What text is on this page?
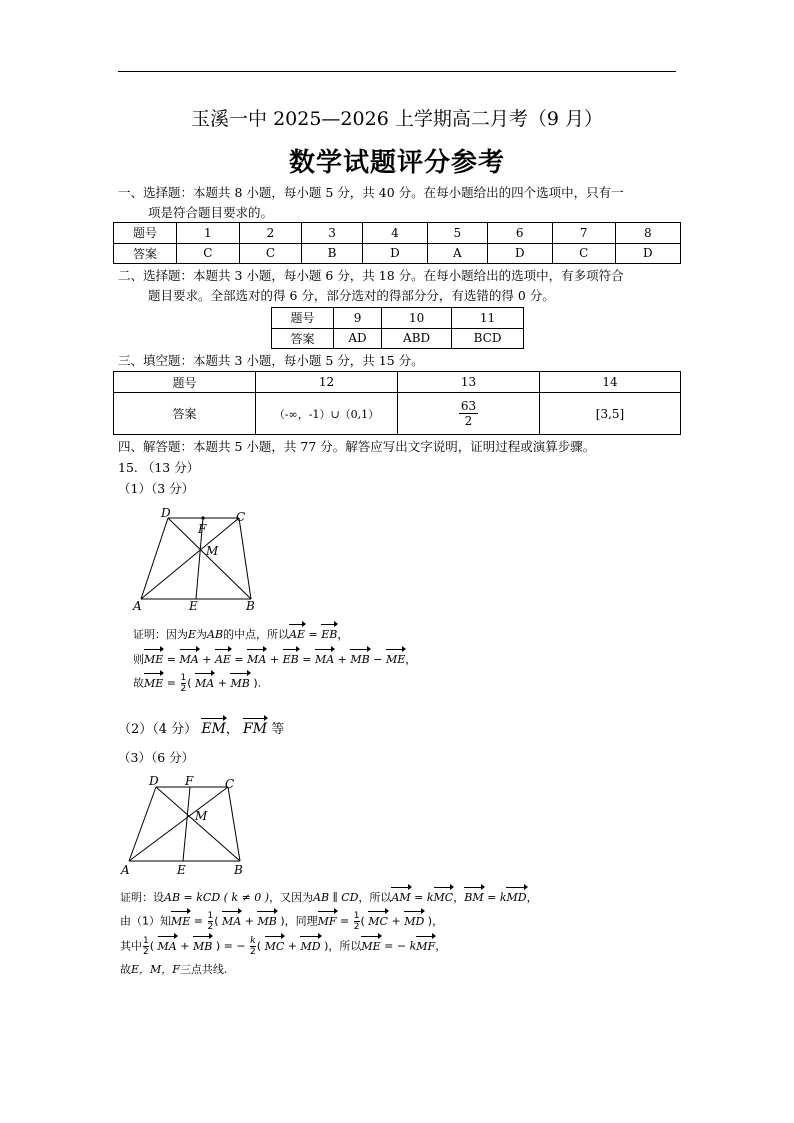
玉溪一中 2025—2026 上学期高二月考（9 月）
数学试题评分参考
一、选择题：本题共 8 小题，每小题 5 分，共 40 分。在每小题给出的四个选项中，只有一
项是符合题目要求的。
题号	1	2	3	4	5	6	7	8
答案	C	C	B	D	A	D	C	D
二、选择题：本题共 3 小题，每小题 6 分，共 18 分。在每小题给出的选项中，有多项符合
题目要求。全部选对的得 6 分，部分选对的得部分分，有选错的得 0 分。
题号	9	10	11
答案	AD	ABD	BCD
三、填空题：本题共 3 小题，每小题 5 分，共 15 分。
题号	12	13	14
答案	（-∞，-1）∪（0,1）	$\frac{63}{2}$	[3,5]
四、解答题：本题共 5 小题，共 77 分。解答应写出文字说明，证明过程或演算步骤。
15. （13 分）
（1）（3 分）
D
F
C
M
A	E	B
证明：因为E为AB的中点，所以AE = EB，
则ME = MA + AE = MA + EB = MA + MB − ME，
故ME = $\frac{1}{2}$ ( MA + MB ).
（2）（4 分） EM， FM 等
（3）（6 分）
D F	C
M
A	E	B
证明：设AB = kCD ( k ≠ 0 )，又因为AB ∥ CD，所以AM = kMC，BM = kMD，
由（1）知ME = $\frac{1}{2}$ ( MA + MB )，同理MF = $\frac{1}{2}$ ( MC + MD )，
其中 $\frac{1}{2}$ ( MA + MB ) = − $\frac{k}{2}$ ( MC + MD )，所以ME = − kMF，
故E，M，F三点共线.
